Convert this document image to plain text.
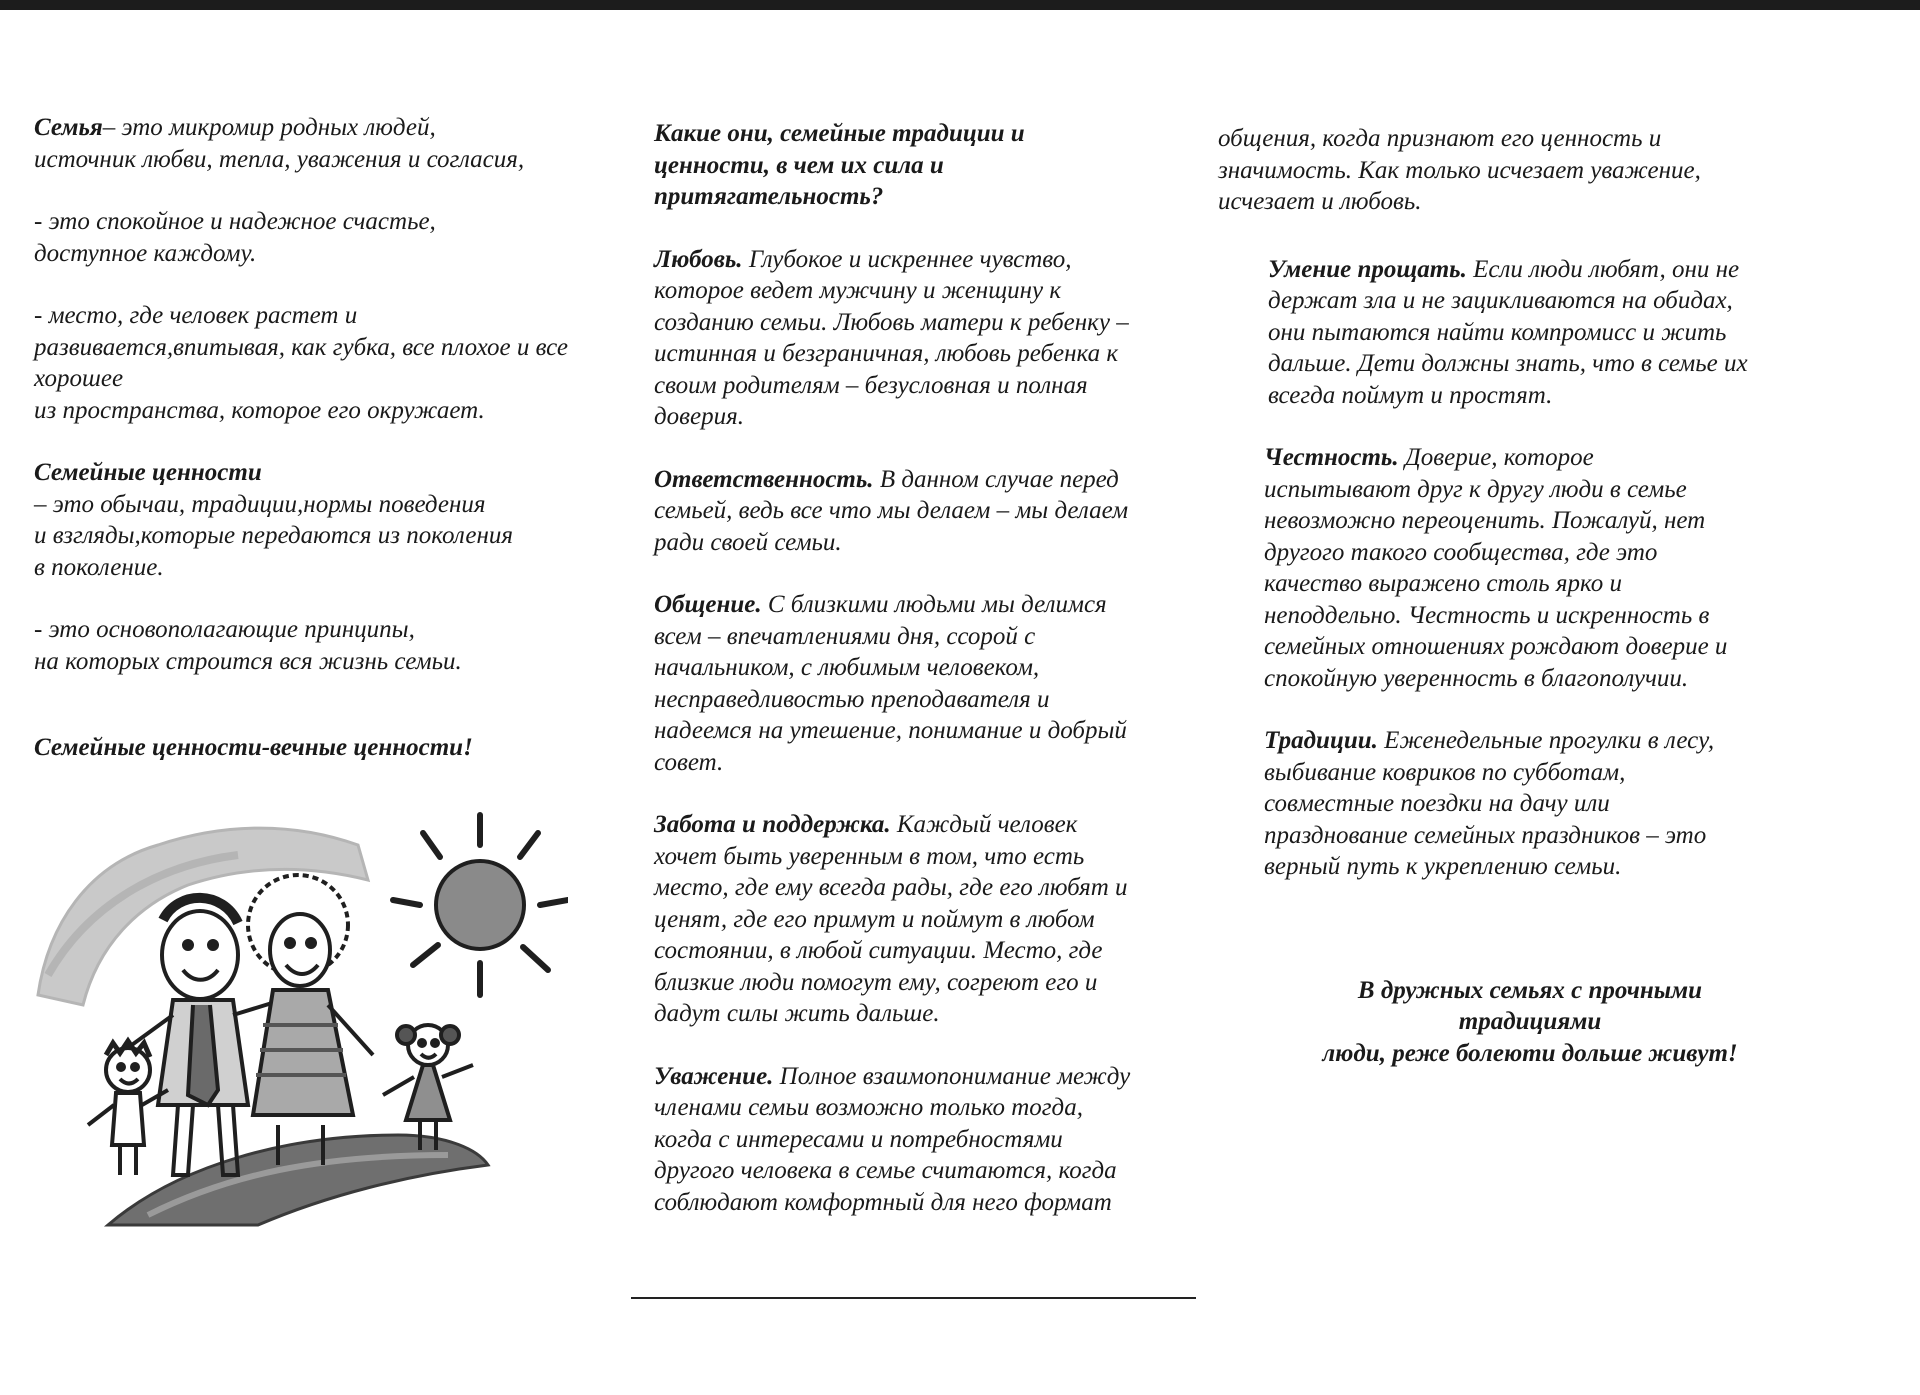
Семья– это микромир родных людей,

источник любви, тепла, уважения и согласия,

- это спокойное и надежное счастье,

доступное каждому.

- место, где человек растет и

развивается,впитывая, как губка, все плохое и все хорошее

из пространства, которое его окружает.

Семейные ценности

– это обычаи, традиции,нормы поведения

и взгляды,которые передаются из поколения

в поколение.

- это основополагающие принципы,

на которых строится вся жизнь семьи.

Семейные ценности-вечные ценности!

Какие они, семейные традиции и

ценности, в чем их сила и

притягательность?

Любовь. Глубокое и искреннее чувство,

которое ведет мужчину и женщину к

созданию семьи. Любовь матери к ребенку –

истинная и безграничная, любовь ребенка к

своим родителям – безусловная и полная

доверия.

Ответственность. В данном случае перед

семьей, ведь все что мы делаем – мы делаем

ради своей семьи.

Общение. С близкими людьми мы делимся

всем – впечатлениями дня, ссорой с

начальником, с любимым человеком,

несправедливостью преподавателя и

надеемся на утешение, понимание и добрый

совет.

Забота и поддержка. Каждый человек

хочет быть уверенным в том, что есть

место, где ему всегда рады, где его любят и

ценят, где его примут и поймут в любом

состоянии, в любой ситуации. Место, где

близкие люди помогут ему, согреют его и

дадут силы жить дальше.

Уважение. Полное взаимопонимание между

членами семьи возможно только тогда,

когда с интересами и потребностями

другого человека в семье считаются, когда

соблюдают комфортный для него формат

общения, когда признают его ценность и

значимость. Как только исчезает уважение,

исчезает и любовь.

Умение прощать. Если люди любят, они не

держат зла и не зацикливаются на обидах,

они пытаются найти компромисс и жить

дальше. Дети должны знать, что в семье их

всегда поймут и простят.

Честность. Доверие, которое

испытывают друг к другу люди в семье

невозможно переоценить. Пожалуй, нет

другого такого сообщества, где это

качество выражено столь ярко и

неподдельно. Честность и искренность в

семейных отношениях рождают доверие и

спокойную уверенность в благополучии.

Традиции. Еженедельные прогулки в лесу,

выбивание ковриков по субботам,

совместные поездки на дачу или

празднование семейных праздников – это

верный путь к укреплению семьи.

В дружных семьях с прочными

традициями

люди, реже болеюти дольше живут!
